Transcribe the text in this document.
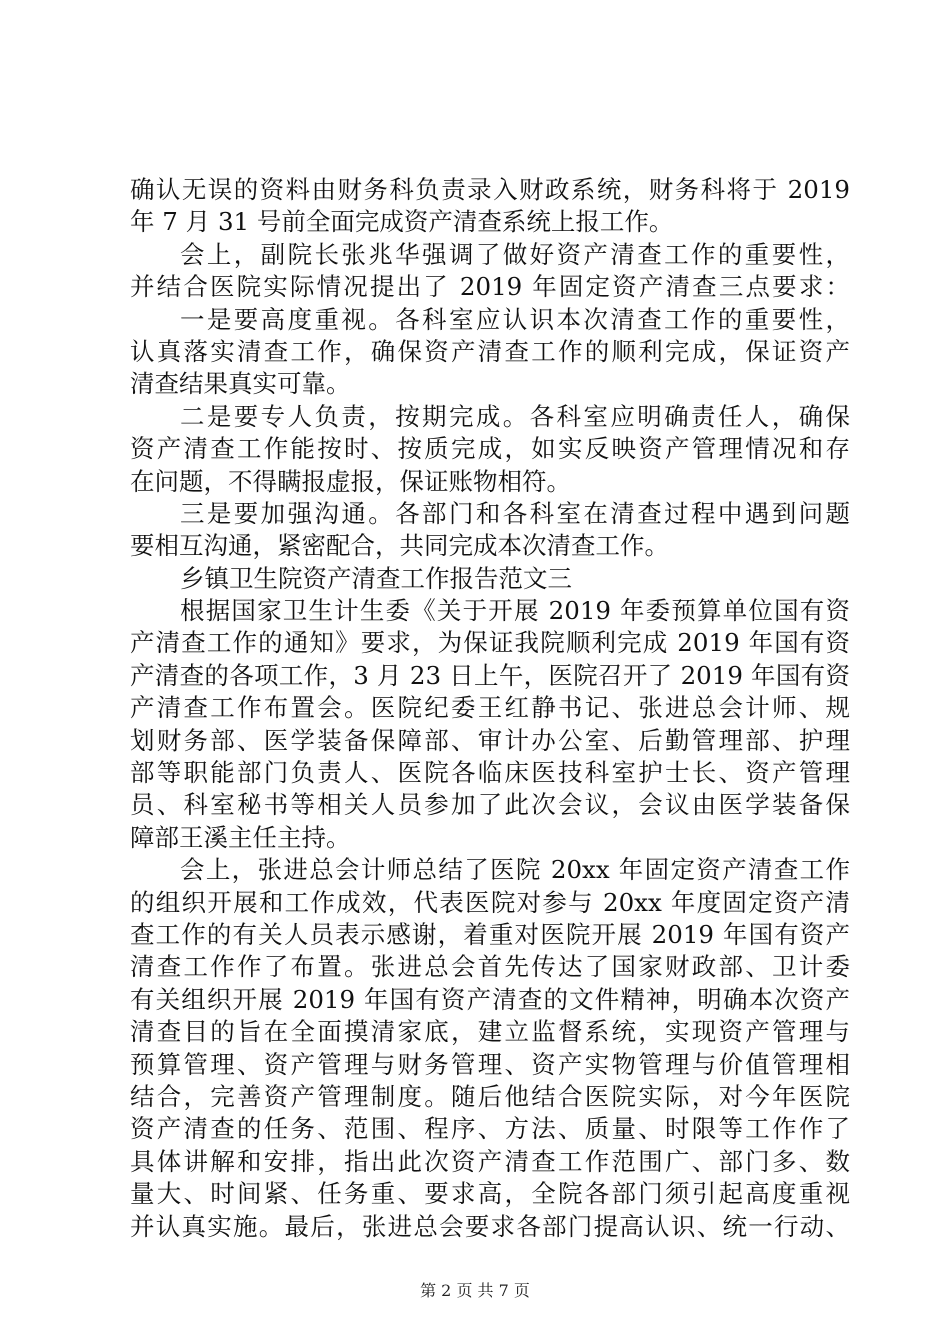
确认无误的资料由财务科负责录入财政系统，财务科将于 2019
年 7 月 31 号前全面完成资产清查系统上报工作。
会上，副院长张兆华强调了做好资产清查工作的重要性，
并结合医院实际情况提出了 2019 年固定资产清查三点要求：
一是要高度重视。各科室应认识本次清查工作的重要性，
认真落实清查工作，确保资产清查工作的顺利完成，保证资产
清查结果真实可靠。
二是要专人负责，按期完成。各科室应明确责任人，确保
资产清查工作能按时、按质完成，如实反映资产管理情况和存
在问题，不得瞒报虚报，保证账物相符。
三是要加强沟通。各部门和各科室在清查过程中遇到问题
要相互沟通，紧密配合，共同完成本次清查工作。
乡镇卫生院资产清查工作报告范文三
根据国家卫生计生委《关于开展 2019 年委预算单位国有资
产清查工作的通知》要求，为保证我院顺利完成 2019 年国有资
产清查的各项工作，3 月 23 日上午，医院召开了 2019 年国有资
产清查工作布置会。医院纪委王红静书记、张进总会计师、规
划财务部、医学装备保障部、审计办公室、后勤管理部、护理
部等职能部门负责人、医院各临床医技科室护士长、资产管理
员、科室秘书等相关人员参加了此次会议，会议由医学装备保
障部王溪主任主持。
会上，张进总会计师总结了医院 20xx 年固定资产清查工作
的组织开展和工作成效，代表医院对参与 20xx 年度固定资产清
查工作的有关人员表示感谢，着重对医院开展 2019 年国有资产
清查工作作了布置。张进总会首先传达了国家财政部、卫计委
有关组织开展 2019 年国有资产清查的文件精神，明确本次资产
清查目的旨在全面摸清家底，建立监督系统，实现资产管理与
预算管理、资产管理与财务管理、资产实物管理与价值管理相
结合，完善资产管理制度。随后他结合医院实际，对今年医院
资产清查的任务、范围、程序、方法、质量、时限等工作作了
具体讲解和安排，指出此次资产清查工作范围广、部门多、数
量大、时间紧、任务重、要求高，全院各部门须引起高度重视
并认真实施。最后，张进总会要求各部门提高认识、统一行动、
第 2 页 共 7 页
